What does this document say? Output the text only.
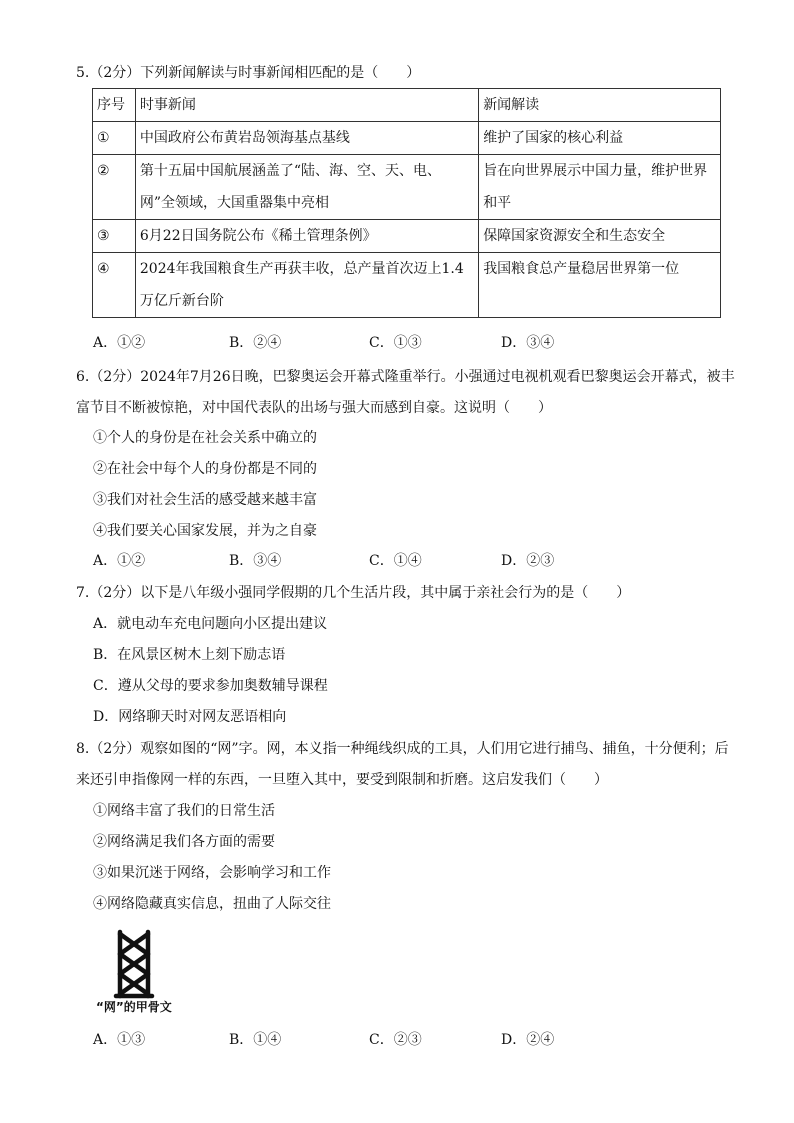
5.（2分）下列新闻解读与时事新闻相匹配的是（　　）
序号	时事新闻	新闻解读
①	中国政府公布黄岩岛领海基点基线	维护了国家的核心利益
②	第十五届中国航展涵盖了“陆、海、空、天、电、网”全领域，大国重器集中亮相	旨在向世界展示中国力量，维护世界和平
③	6月22日国务院公布《稀土管理条例》	保障国家资源安全和生态安全
④	2024年我国粮食生产再获丰收，总产量首次迈上1.4万亿斤新台阶	我国粮食总产量稳居世界第一位
A．①②	B．②④	C．①③	D．③④
6.（2分）2024年7月26日晚，巴黎奥运会开幕式隆重举行。小强通过电视机观看巴黎奥运会开幕式，被丰富节目不断被惊艳，对中国代表队的出场与强大而感到自豪。这说明（　　）
①个人的身份是在社会关系中确立的
②在社会中每个人的身份都是不同的
③我们对社会生活的感受越来越丰富
④我们要关心国家发展，并为之自豪
A．①②	B．③④	C．①④	D．②③
7.（2分）以下是八年级小强同学假期的几个生活片段，其中属于亲社会行为的是（　　）
A．就电动车充电问题向小区提出建议
B．在风景区树木上刻下励志语
C．遵从父母的要求参加奥数辅导课程
D．网络聊天时对网友恶语相向
8.（2分）观察如图的“网”字。网，本义指一种绳线织成的工具，人们用它进行捕鸟、捕鱼，十分便利；后来还引申指像网一样的东西，一旦堕入其中，要受到限制和折磨。这启发我们（　　）
①网络丰富了我们的日常生活
②网络满足我们各方面的需要
③如果沉迷于网络，会影响学习和工作
④网络隐藏真实信息，扭曲了人际交往
“网”的甲骨文
A．①③	B．①④	C．②③	D．②④
